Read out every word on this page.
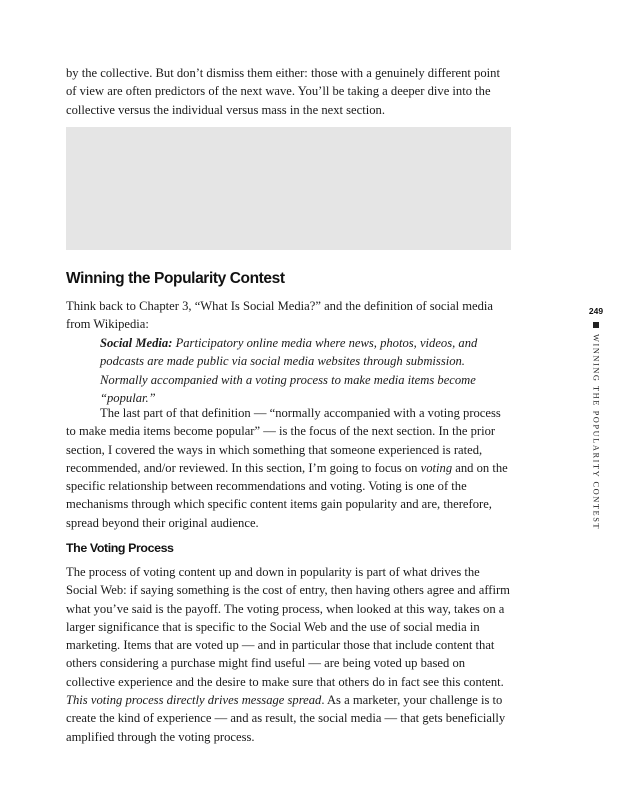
by the collective. But don’t dismiss them either: those with a genuinely different point of view are often predictors of the next wave. You’ll be taking a deeper dive into the collective versus the individual versus mass in the next section.

Winning the Popularity Contest

Think back to Chapter 3, “What Is Social Media?” and the definition of social media from Wikipedia:

Social Media: Participatory online media where news, photos, videos, and podcasts are made public via social media websites through submission. Normally accompanied with a voting process to make media items become “popular.”

The last part of that definition — “normally accompanied with a voting process to make media items become popular” — is the focus of the next section. In the prior section, I covered the ways in which something that someone experienced is rated, recommended, and/or reviewed. In this section, I’m going to focus on voting and on the specific relationship between recommendations and voting. Voting is one of the mechanisms through which specific content items gain popularity and are, therefore, spread beyond their original audience.

The Voting Process

The process of voting content up and down in popularity is part of what drives the Social Web: if saying something is the cost of entry, then having others agree and affirm what you’ve said is the payoff. The voting process, when looked at this way, takes on a larger significance that is specific to the Social Web and the use of social media in marketing. Items that are voted up — and in particular those that include content that others considering a purchase might find useful — are being voted up based on collective experience and the desire to make sure that others do in fact see this content. This voting process directly drives message spread. As a marketer, your challenge is to create the kind of experience — and as result, the social media — that gets beneficially amplified through the voting process.

249
WINNING THE POPULARITY CONTEST
